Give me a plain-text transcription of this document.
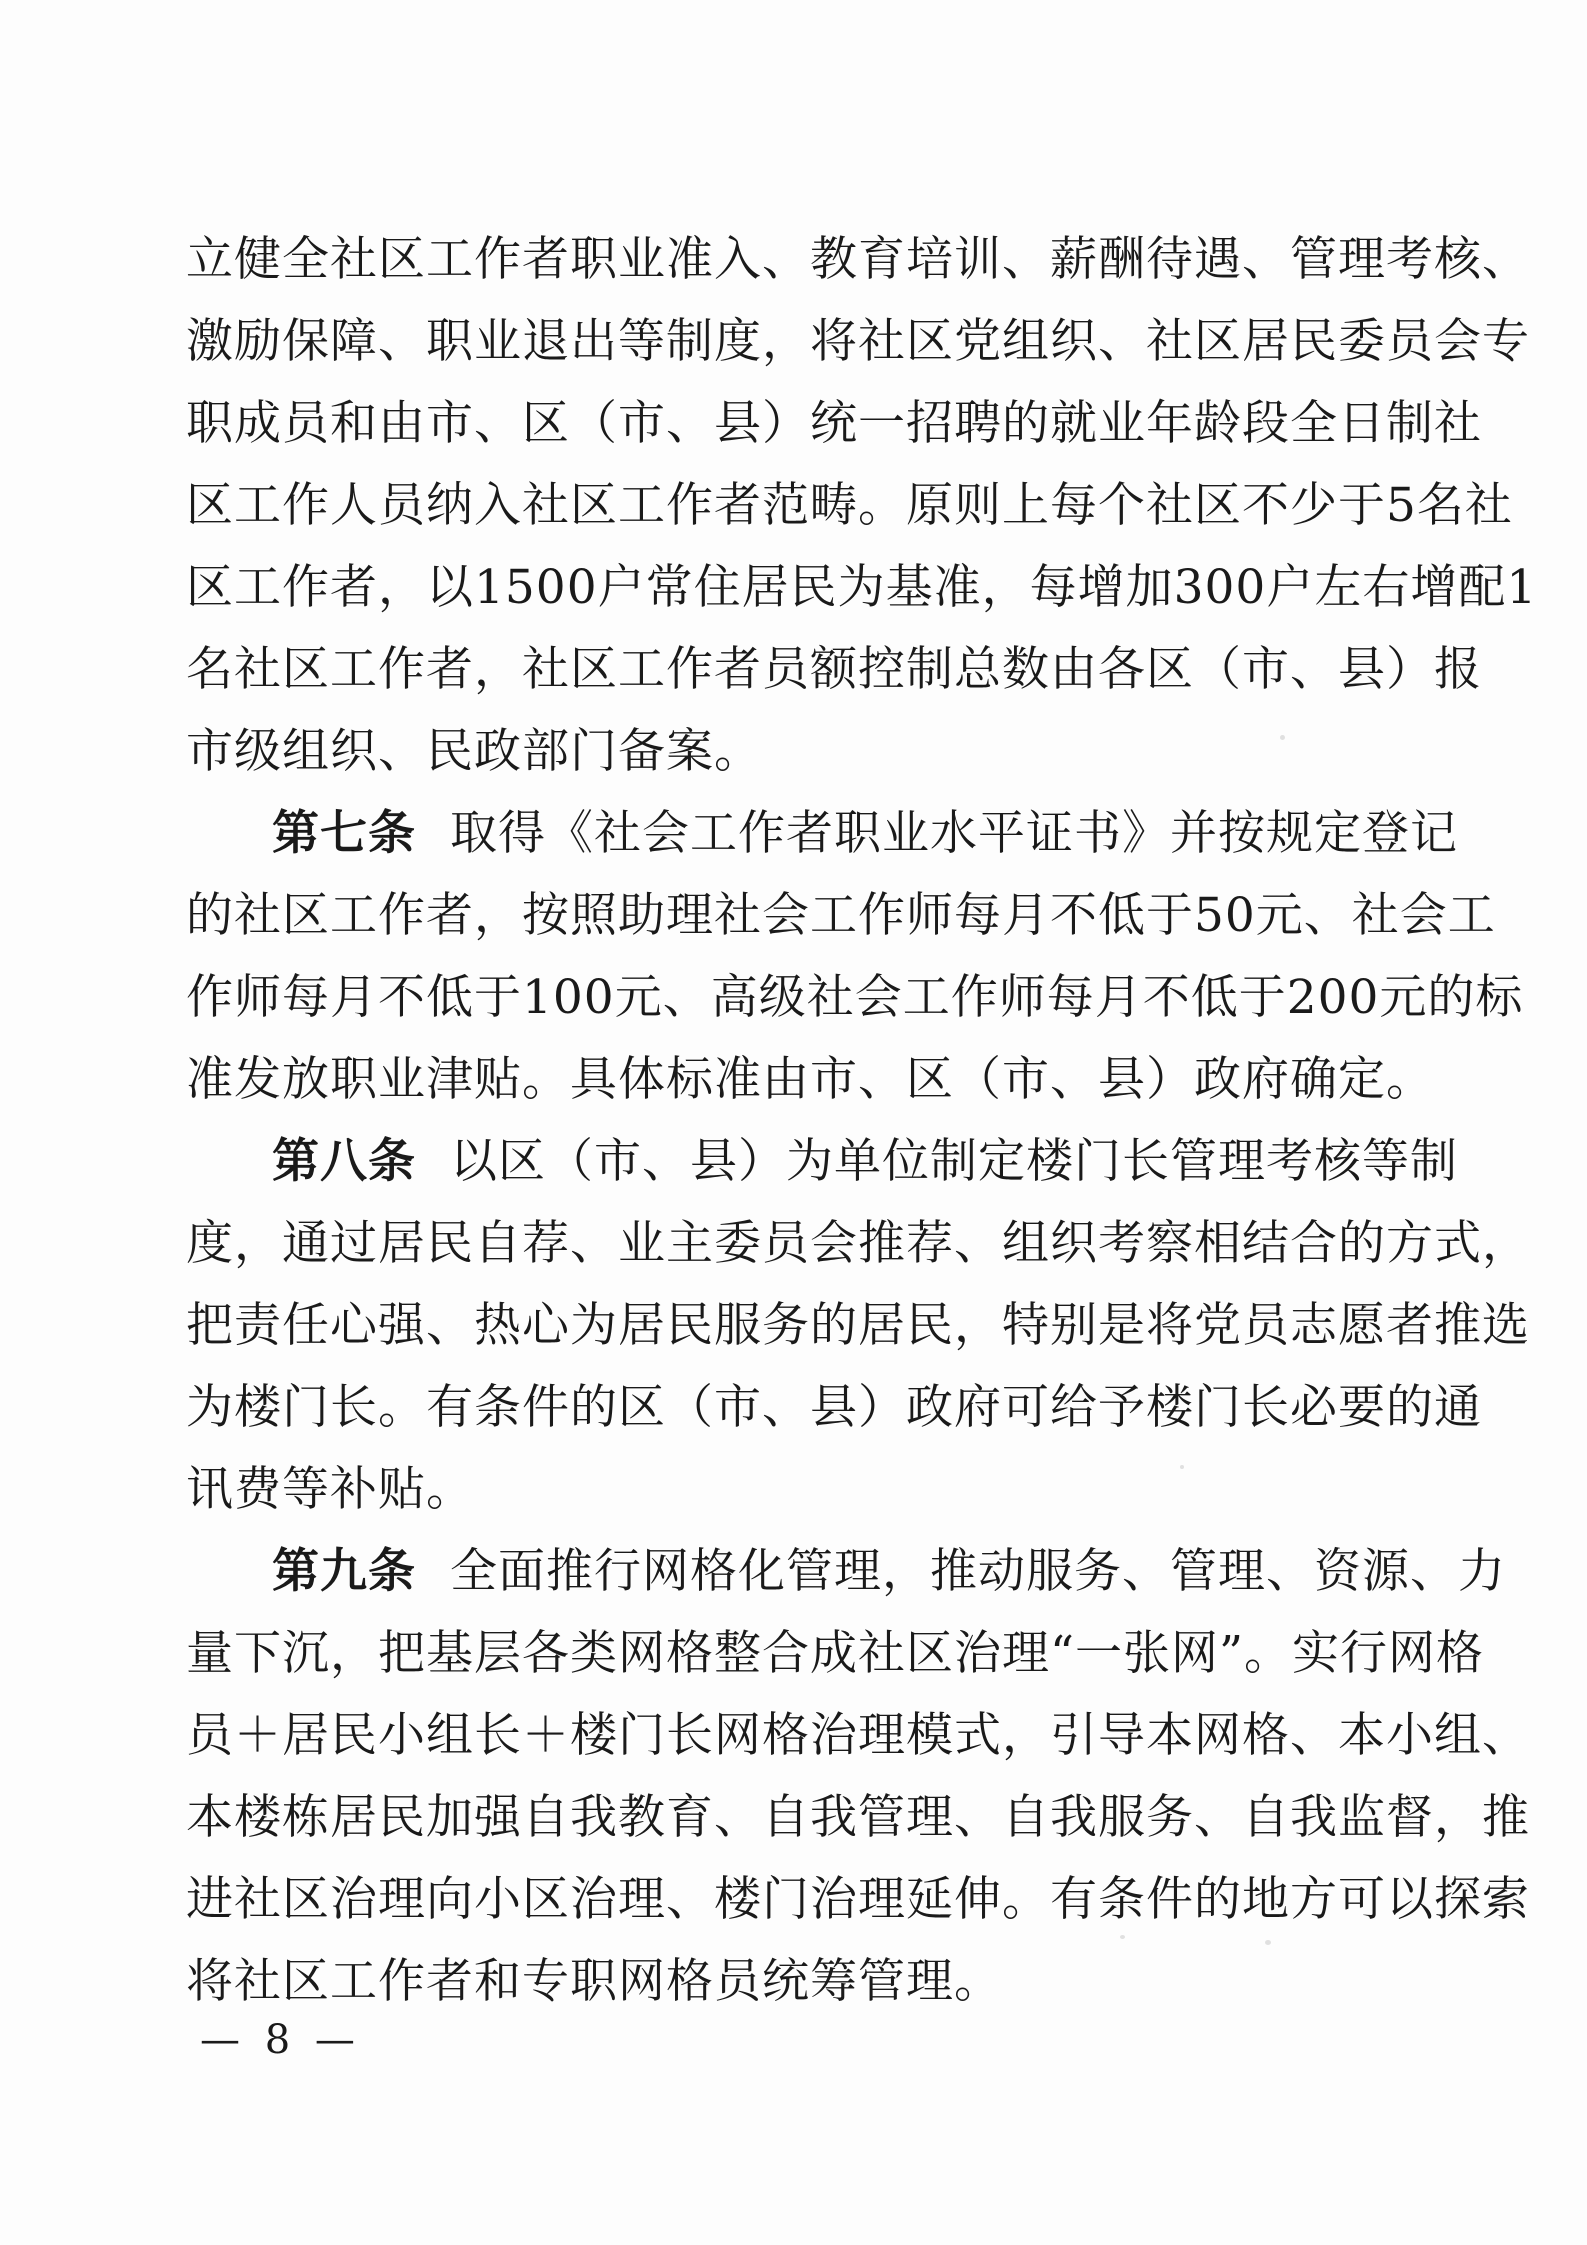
立健全社区工作者职业准入、教育培训、薪酬待遇、管理考核、
激励保障、职业退出等制度，将社区党组织、社区居民委员会专
职成员和由市、区（市、县）统一招聘的就业年龄段全日制社
区工作人员纳入社区工作者范畴。原则上每个社区不少于5名社
区工作者，以1500户常住居民为基准，每增加300户左右增配1
名社区工作者，社区工作者员额控制总数由各区（市、县）报
市级组织、民政部门备案。
第七条 取得《社会工作者职业水平证书》并按规定登记
的社区工作者，按照助理社会工作师每月不低于50元、社会工
作师每月不低于100元、高级社会工作师每月不低于200元的标
准发放职业津贴。具体标准由市、区（市、县）政府确定。
第八条 以区（市、县）为单位制定楼门长管理考核等制
度，通过居民自荐、业主委员会推荐、组织考察相结合的方式，
把责任心强、热心为居民服务的居民，特别是将党员志愿者推选
为楼门长。有条件的区（市、县）政府可给予楼门长必要的通
讯费等补贴。
第九条 全面推行网格化管理，推动服务、管理、资源、力
量下沉，把基层各类网格整合成社区治理“一张网”。实行网格
员＋居民小组长＋楼门长网格治理模式，引导本网格、本小组、
本楼栋居民加强自我教育、自我管理、自我服务、自我监督，推
进社区治理向小区治理、楼门治理延伸。有条件的地方可以探索
将社区工作者和专职网格员统筹管理。
— 8 —
